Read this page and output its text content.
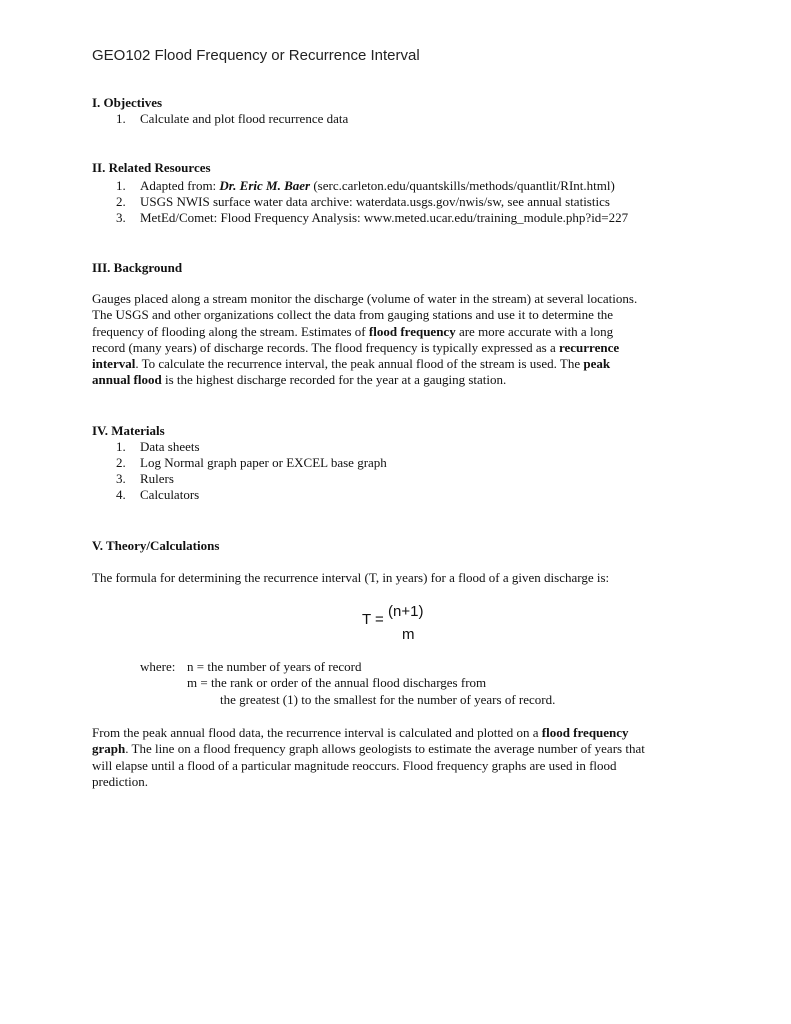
GEO102 Flood Frequency or Recurrence Interval
I. Objectives
1. Calculate and plot flood recurrence data
II. Related Resources
1. Adapted from: Dr. Eric M. Baer (serc.carleton.edu/quantskills/methods/quantlit/RInt.html)
2. USGS NWIS surface water data archive: waterdata.usgs.gov/nwis/sw, see annual statistics
3. MetEd/Comet: Flood Frequency Analysis: www.meted.ucar.edu/training_module.php?id=227
III. Background
Gauges placed along a stream monitor the discharge (volume of water in the stream) at several locations.
The USGS and other organizations collect the data from gauging stations and use it to determine the
frequency of flooding along the stream. Estimates of flood frequency are more accurate with a long
record (many years) of discharge records. The flood frequency is typically expressed as a recurrence
interval. To calculate the recurrence interval, the peak annual flood of the stream is used. The peak
annual flood is the highest discharge recorded for the year at a gauging station.
IV. Materials
1. Data sheets
2. Log Normal graph paper or EXCEL base graph
3. Rulers
4. Calculators
V. Theory/Calculations
The formula for determining the recurrence interval (T, in years) for a flood of a given discharge is:
T = (n+1)
m
where: n = the number of years of record
m = the rank or order of the annual flood discharges from
the greatest (1) to the smallest for the number of years of record.
From the peak annual flood data, the recurrence interval is calculated and plotted on a flood frequency
graph. The line on a flood frequency graph allows geologists to estimate the average number of years that
will elapse until a flood of a particular magnitude reoccurs. Flood frequency graphs are used in flood
prediction.
